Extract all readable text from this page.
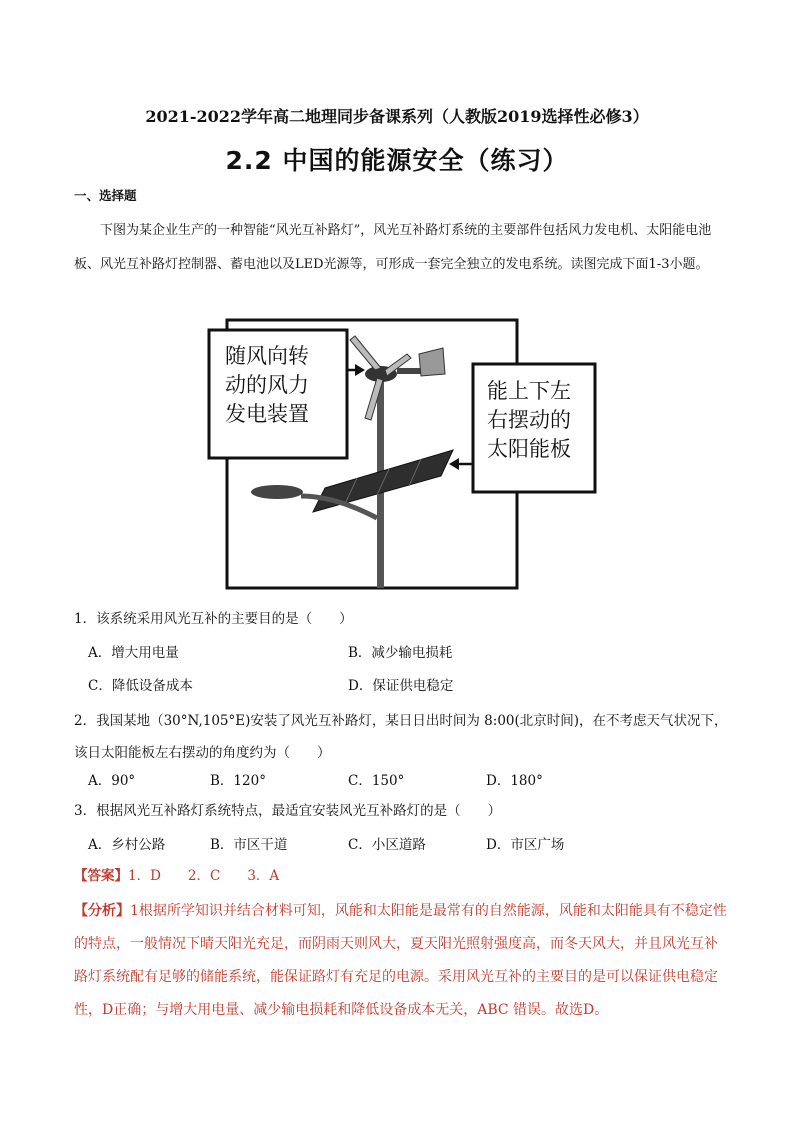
2021-2022学年高二地理同步备课系列（人教版2019选择性必修3）
2.2 中国的能源安全（练习）
一、选择题
下图为某企业生产的一种智能“风光互补路灯”，风光互补路灯系统的主要部件包括风力发电机、太阳能电池板、风光互补路灯控制器、蓄电池以及LED光源等，可形成一套完全独立的发电系统。读图完成下面1-3小题。
随风向转
动的风力
发电装置
能上下左
右摆动的
太阳能板
1．该系统采用风光互补的主要目的是（　　）
A．增大用电量	B．减少输电损耗
C．降低设备成本	D．保证供电稳定
2．我国某地（30°N,105°E)安装了风光互补路灯，某日日出时间为 8:00(北京时间)，在不考虑天气状况下，该日太阳能板左右摆动的角度约为（　　）
A．90°	B．120°	C．150°	D．180°
3．根据风光互补路灯系统特点，最适宜安装风光互补路灯的是（　　）
A．乡村公路	B．市区干道	C．小区道路	D．市区广场
【答案】1．D　　2．C　　3．A
【分析】1根据所学知识并结合材料可知，风能和太阳能是最常有的自然能源，风能和太阳能具有不稳定性的特点，一般情况下晴天阳光充足，而阴雨天则风大，夏天阳光照射强度高，而冬天风大，并且风光互补路灯系统配有足够的储能系统，能保证路灯有充足的电源。采用风光互补的主要目的是可以保证供电稳定性，D正确；与增大用电量、减少输电损耗和降低设备成本无关，ABC 错误。故选D。
